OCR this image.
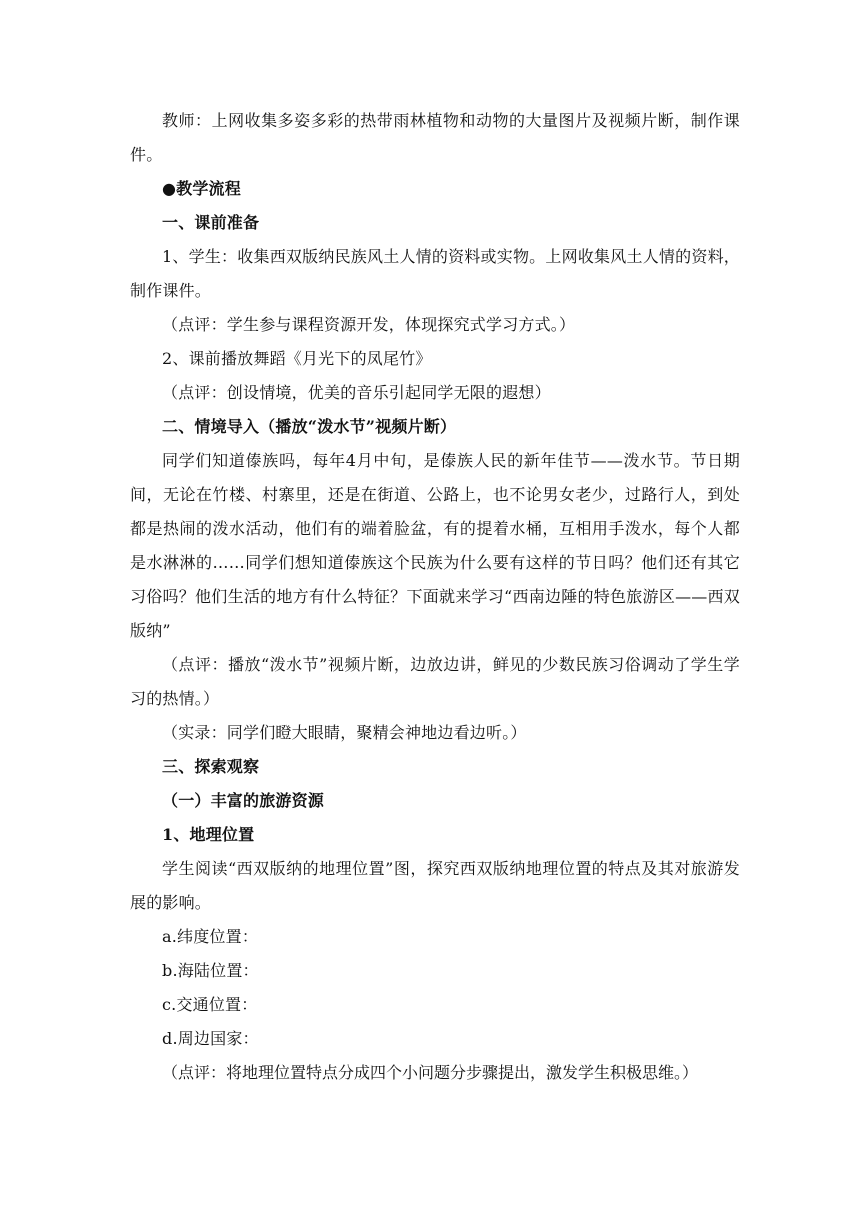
教师：上网收集多姿多彩的热带雨林植物和动物的大量图片及视频片断，制作课件。

●教学流程

一、课前准备

1、学生：收集西双版纳民族风土人情的资料或实物。上网收集风土人情的资料，制作课件。

（点评：学生参与课程资源开发，体现探究式学习方式。）

2、课前播放舞蹈《月光下的凤尾竹》

（点评：创设情境，优美的音乐引起同学无限的遐想）

二、情境导入（播放“泼水节”视频片断）

同学们知道傣族吗，每年4月中旬，是傣族人民的新年佳节——泼水节。节日期间，无论在竹楼、村寨里，还是在街道、公路上，也不论男女老少，过路行人，到处都是热闹的泼水活动，他们有的端着脸盆，有的提着水桶，互相用手泼水，每个人都是水淋淋的……同学们想知道傣族这个民族为什么要有这样的节日吗？他们还有其它习俗吗？他们生活的地方有什么特征？下面就来学习“西南边陲的特色旅游区——西双版纳”

（点评：播放“泼水节”视频片断，边放边讲，鲜见的少数民族习俗调动了学生学习的热情。）

（实录：同学们瞪大眼睛，聚精会神地边看边听。）

三、探索观察

（一）丰富的旅游资源

1、地理位置

学生阅读“西双版纳的地理位置”图，探究西双版纳地理位置的特点及其对旅游发展的影响。

a.纬度位置：

b.海陆位置：

c.交通位置：

d.周边国家：

（点评：将地理位置特点分成四个小问题分步骤提出，激发学生积极思维。）
